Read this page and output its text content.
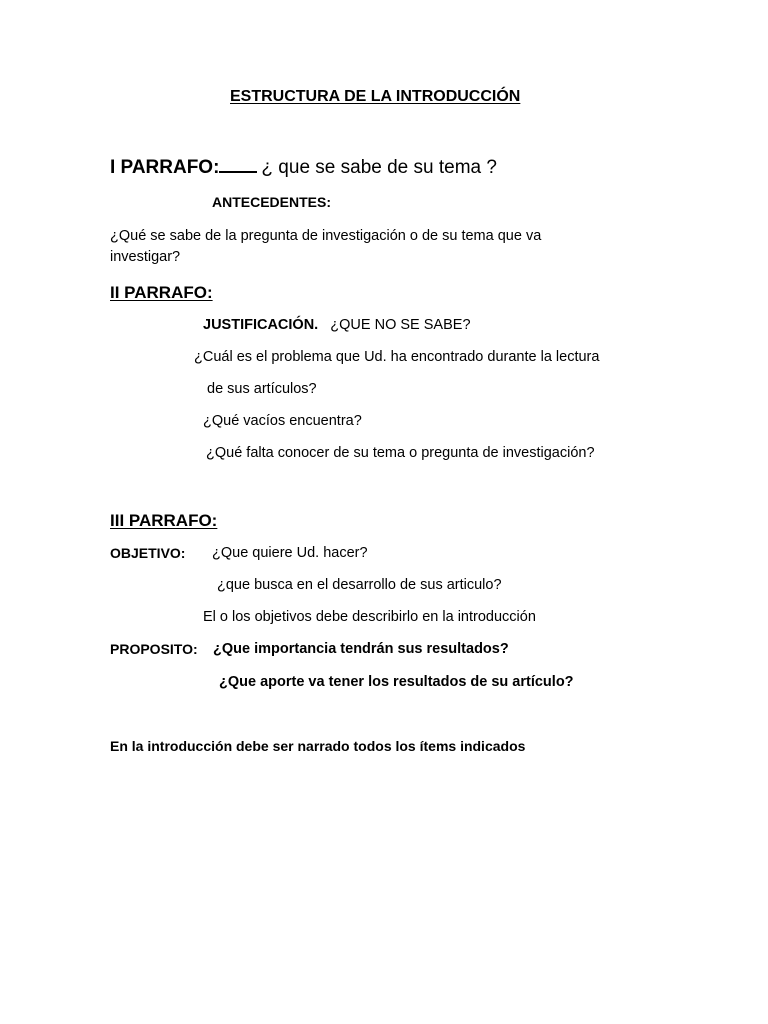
ESTRUCTURA DE LA INTRODUCCIÓN
I PARRAFO: ¿ que se sabe de su tema ?
ANTECEDENTES:
¿Qué se sabe de la pregunta de investigación o de su tema que va
investigar?
II PARRAFO:
JUSTIFICACIÓN. ¿QUE NO SE SABE?
¿Cuál es el problema que Ud. ha encontrado durante la lectura
de sus artículos?
¿Qué vacíos encuentra?
¿Qué falta conocer de su tema o pregunta de investigación?
III PARRAFO:
OBJETIVO: ¿Que quiere Ud. hacer?
¿que busca en el desarrollo de sus articulo?
El o los objetivos debe describirlo en la introducción
PROPOSITO: ¿Que importancia tendrán sus resultados?
¿Que aporte va tener los resultados de su artículo?
En la introducción debe ser narrado todos los ítems indicados
